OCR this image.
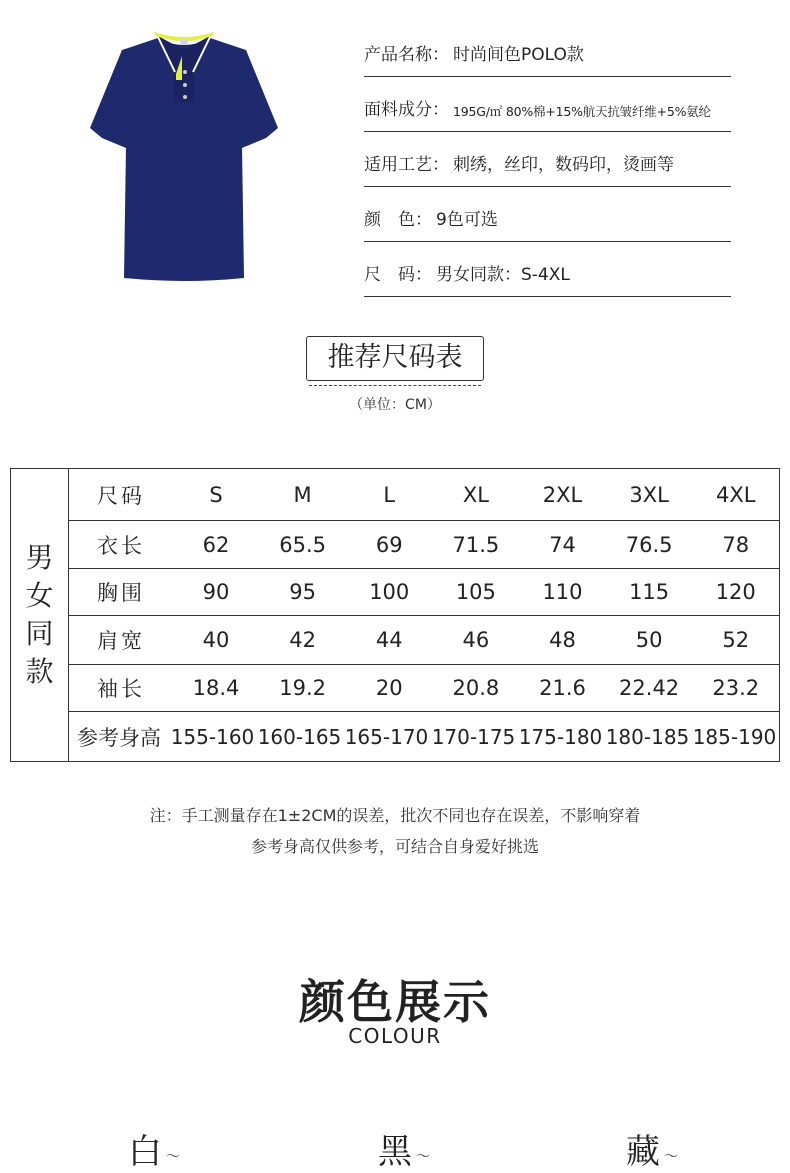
产品名称： 时尚间色POLO款
面料成分： 195G/㎡ 80%棉+15%航天抗皱纤维+5%氨纶
适用工艺： 刺绣，丝印，数码印，烫画等
颜　色： 9色可选
尺　码： 男女同款：S-4XL
推荐尺码表
（单位：CM）
男
女
同
款
尺码	S	M	L	XL	2XL	3XL	4XL
衣长	62	65.5	69	71.5	74	76.5	78
胸围	90	95	100	105	110	115	120
肩宽	40	42	44	46	48	50	52
袖长	18.4	19.2	20	20.8	21.6	22.42	23.2
参考身高 155-160 160-165 165-170 170-175 175-180 180-185 185-190
注：手工测量存在1±2CM的误差，批次不同也存在误差，不影响穿着
参考身高仅供参考，可结合自身爱好挑选
颜色展示
COLOUR
白 ～	黑 ～	藏 ～
